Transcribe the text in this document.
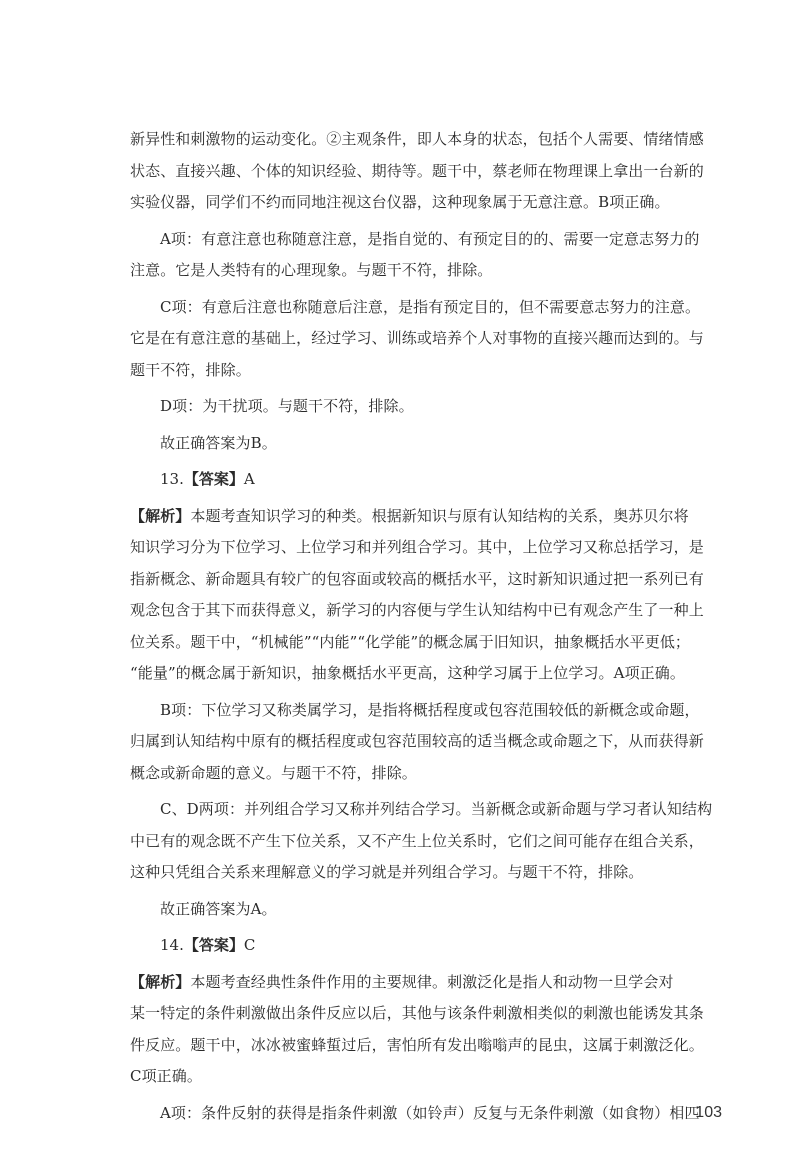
新异性和刺激物的运动变化。②主观条件，即人本身的状态，包括个人需要、情绪情感
状态、直接兴趣、个体的知识经验、期待等。题干中，蔡老师在物理课上拿出一台新的
实验仪器，同学们不约而同地注视这台仪器，这种现象属于无意注意。B项正确。

A项：有意注意也称随意注意，是指自觉的、有预定目的的、需要一定意志努力的
注意。它是人类特有的心理现象。与题干不符，排除。

C项：有意后注意也称随意后注意，是指有预定目的，但不需要意志努力的注意。
它是在有意注意的基础上，经过学习、训练或培养个人对事物的直接兴趣而达到的。与
题干不符，排除。

D项：为干扰项。与题干不符，排除。

故正确答案为B。

13.【答案】A

【解析】本题考查知识学习的种类。根据新知识与原有认知结构的关系，奥苏贝尔将
知识学习分为下位学习、上位学习和并列组合学习。其中，上位学习又称总括学习，是
指新概念、新命题具有较广的包容面或较高的概括水平，这时新知识通过把一系列已有
观念包含于其下而获得意义，新学习的内容便与学生认知结构中已有观念产生了一种上
位关系。题干中，“机械能”“内能”“化学能”的概念属于旧知识，抽象概括水平更低；
“能量”的概念属于新知识，抽象概括水平更高，这种学习属于上位学习。A项正确。

B项：下位学习又称类属学习，是指将概括程度或包容范围较低的新概念或命题，
归属到认知结构中原有的概括程度或包容范围较高的适当概念或命题之下，从而获得新
概念或新命题的意义。与题干不符，排除。

C、D两项：并列组合学习又称并列结合学习。当新概念或新命题与学习者认知结构
中已有的观念既不产生下位关系，又不产生上位关系时，它们之间可能存在组合关系，
这种只凭组合关系来理解意义的学习就是并列组合学习。与题干不符，排除。

故正确答案为A。

14.【答案】C

【解析】本题考查经典性条件作用的主要规律。刺激泛化是指人和动物一旦学会对
某一特定的条件刺激做出条件反应以后，其他与该条件刺激相类似的刺激也能诱发其条
件反应。题干中，冰冰被蜜蜂蜇过后，害怕所有发出嗡嗡声的昆虫，这属于刺激泛化。
C项正确。

A项：条件反射的获得是指条件刺激（如铃声）反复与无条件刺激（如食物）相匹

103
